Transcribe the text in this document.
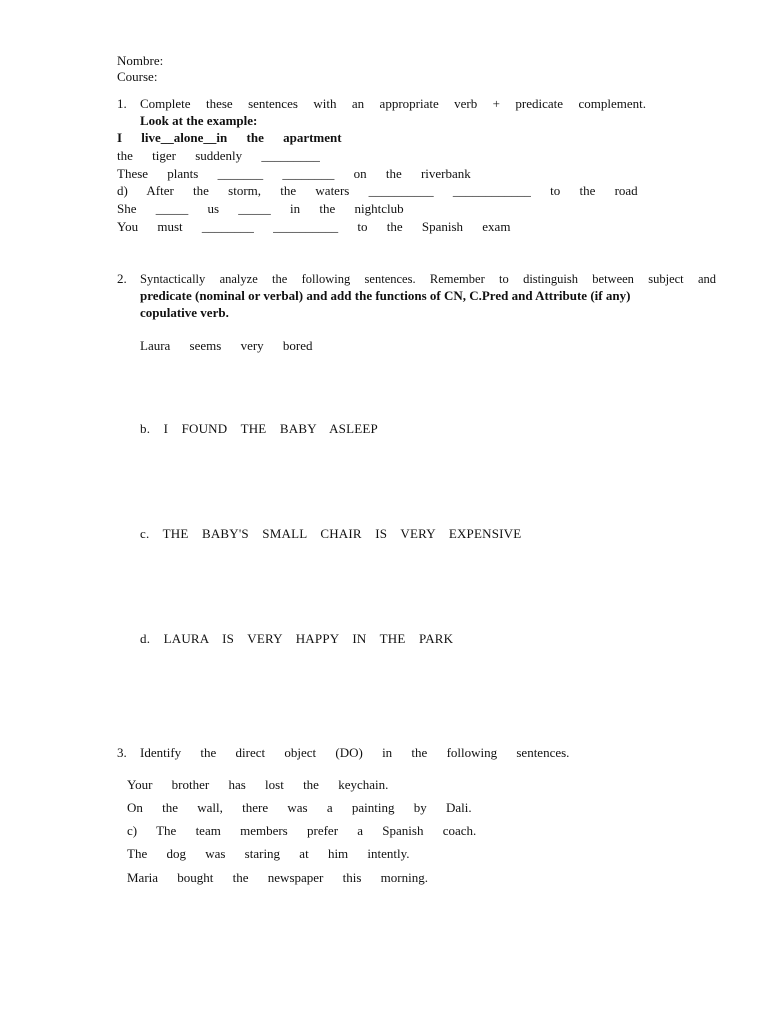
Nombre:
Course:
1. Complete these sentences with an appropriate verb + predicate complement.
Look at the example:
I live__alone__in the apartment
the tiger suddenly _________
These plants _______ ________ on the riverbank
d) After the storm, the waters __________ ____________ to the road
She _____ us _____ in the nightclub
You must ________ __________ to the Spanish exam
2. Syntactically analyze the following sentences. Remember to distinguish between subject and
predicate (nominal or verbal) and add the functions of CN, C.Pred and Attribute (if any)
copulative verb.
Laura seems very bored
b. I FOUND THE BABY ASLEEP
c. THE BABY'S SMALL CHAIR IS VERY EXPENSIVE
d. LAURA IS VERY HAPPY IN THE PARK
3. Identify the direct object (DO) in the following sentences.
Your brother has lost the keychain.
On the wall, there was a painting by Dali.
c) The team members prefer a Spanish coach.
The dog was staring at him intently.
Maria bought the newspaper this morning.
